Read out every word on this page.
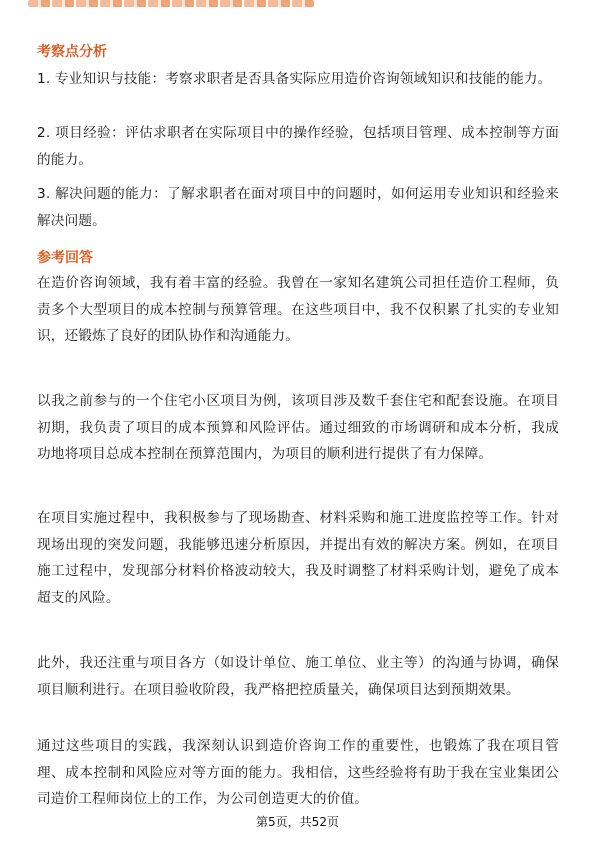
考察点分析

1. 专业知识与技能：考察求职者是否具备实际应用造价咨询领域知识和技能的能力。

2. 项目经验：评估求职者在实际项目中的操作经验，包括项目管理、成本控制等方面的能力。

3. 解决问题的能力：了解求职者在面对项目中的问题时，如何运用专业知识和经验来解决问题。

参考回答

在造价咨询领域，我有着丰富的经验。我曾在一家知名建筑公司担任造价工程师，负责多个大型项目的成本控制与预算管理。在这些项目中，我不仅积累了扎实的专业知识，还锻炼了良好的团队协作和沟通能力。

以我之前参与的一个住宅小区项目为例，该项目涉及数千套住宅和配套设施。在项目初期，我负责了项目的成本预算和风险评估。通过细致的市场调研和成本分析，我成功地将项目总成本控制在预算范围内，为项目的顺利进行提供了有力保障。

在项目实施过程中，我积极参与了现场勘查、材料采购和施工进度监控等工作。针对现场出现的突发问题，我能够迅速分析原因，并提出有效的解决方案。例如，在项目施工过程中，发现部分材料价格波动较大，我及时调整了材料采购计划，避免了成本超支的风险。

此外，我还注重与项目各方（如设计单位、施工单位、业主等）的沟通与协调，确保项目顺利进行。在项目验收阶段，我严格把控质量关，确保项目达到预期效果。

通过这些项目的实践，我深刻认识到造价咨询工作的重要性，也锻炼了我在项目管理、成本控制和风险应对等方面的能力。我相信，这些经验将有助于我在宝业集团公司造价工程师岗位上的工作，为公司创造更大的价值。

第5页，共52页
